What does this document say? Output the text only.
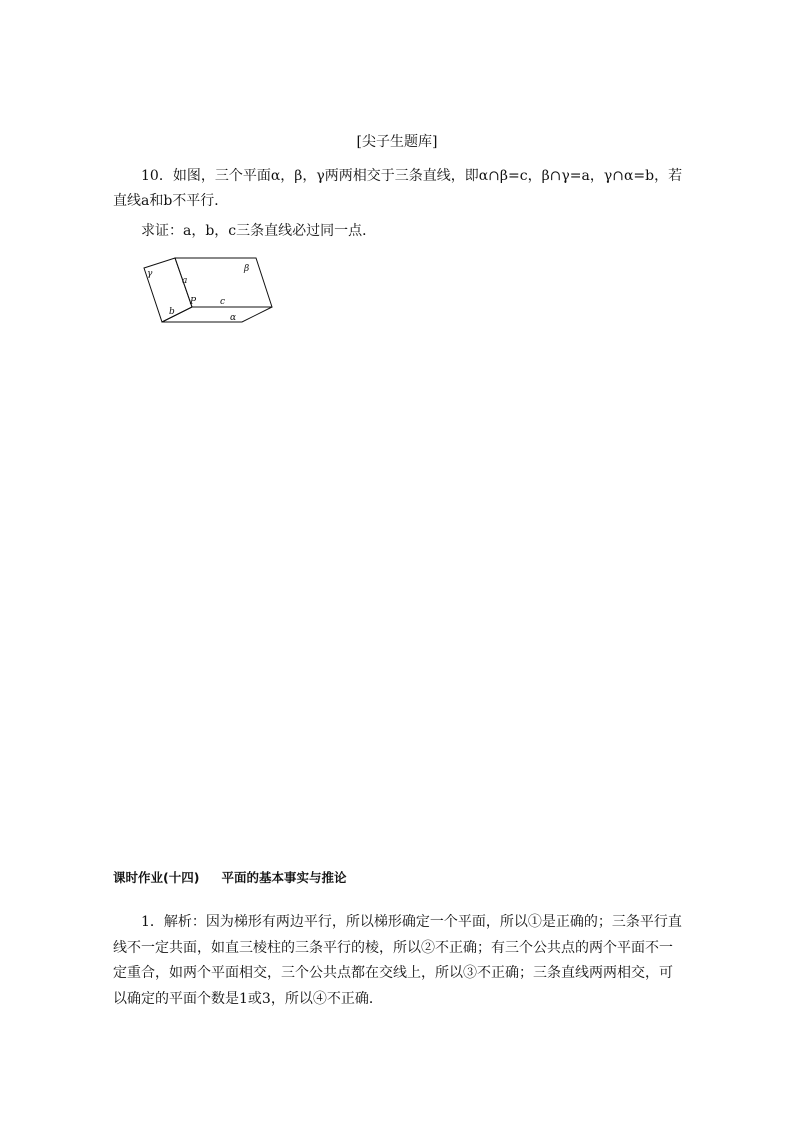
[尖子生题库]
10．如图，三个平面α，β，γ两两相交于三条直线，即α∩β=c，β∩γ=a，γ∩α=b，若
直线a和b不平行．
求证：a，b，c三条直线必过同一点．
γ
a
β
b
P	c
α
课时作业(十四) 平面的基本事实与推论
1．解析：因为梯形有两边平行，所以梯形确定一个平面，所以①是正确的；三条平行直
线不一定共面，如直三棱柱的三条平行的棱，所以②不正确；有三个公共点的两个平面不一
定重合，如两个平面相交，三个公共点都在交线上，所以③不正确；三条直线两两相交，可
以确定的平面个数是1或3，所以④不正确．
